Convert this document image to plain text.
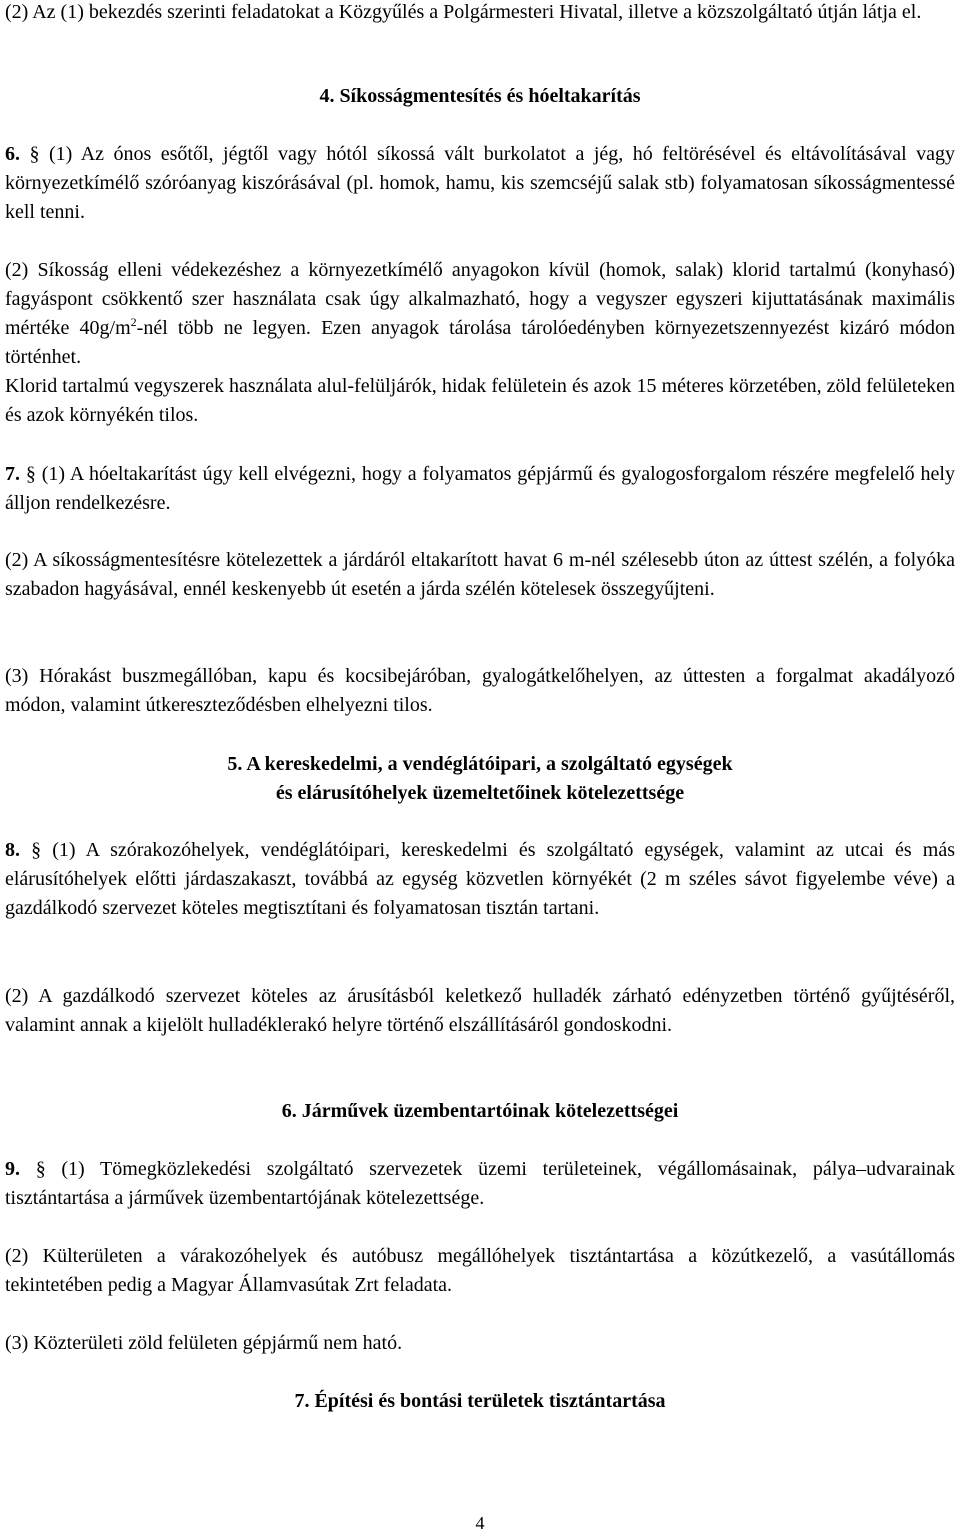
(2) Az (1) bekezdés szerinti feladatokat a Közgyűlés a Polgármesteri Hivatal, illetve a közszolgáltató útján látja el.

4. Síkosságmentesítés és hóeltakarítás

6. § (1) Az ónos esőtől, jégtől vagy hótól síkossá vált burkolatot a jég, hó feltörésével és eltávolításával vagy környezetkímélő szóróanyag kiszórásával (pl. homok, hamu, kis szemcséjű salak stb) folyamatosan síkosságmentessé kell tenni.

(2) Síkosság elleni védekezéshez a környezetkímélő anyagokon kívül (homok, salak) klorid tartalmú (konyhasó) fagyáspont csökkentő szer használata csak úgy alkalmazható, hogy a vegyszer egyszeri kijuttatásának maximális mértéke $40g/m^2$-nél több ne legyen. Ezen anyagok tárolása tárolóedényben környezetszennyezést kizáró módon történhet.

Klorid tartalmú vegyszerek használata alul-felüljárók, hidak felületein és azok 15 méteres körzetében, zöld felületeken és azok környékén tilos.

7. § (1) A hóeltakarítást úgy kell elvégezni, hogy a folyamatos gépjármű és gyalogosforgalom részére megfelelő hely álljon rendelkezésre.

(2) A síkosságmentesítésre kötelezettek a járdáról eltakarított havat 6 m-nél szélesebb úton az úttest szélén, a folyóka szabadon hagyásával, ennél keskenyebb út esetén a járda szélén kötelesek összegyűjteni.

(3) Hórakást buszmegállóban, kapu és kocsibejáróban, gyalogátkelőhelyen, az úttesten a forgalmat akadályozó módon, valamint útkereszteződésben elhelyezni tilos.

5. A kereskedelmi, a vendéglátóipari, a szolgáltató egységek

és elárusítóhelyek üzemeltetőinek kötelezettsége

8. § (1) A szórakozóhelyek, vendéglátóipari, kereskedelmi és szolgáltató egységek, valamint az utcai és más elárusítóhelyek előtti járdaszakaszt, továbbá az egység közvetlen környékét (2 m széles sávot figyelembe véve) a gazdálkodó szervezet köteles megtisztítani és folyamatosan tisztán tartani.

(2) A gazdálkodó szervezet köteles az árusításból keletkező hulladék zárható edényzetben történő gyűjtéséről, valamint annak a kijelölt hulladéklerakó helyre történő elszállításáról gondoskodni.

6. Járművek üzembentartóinak kötelezettségei

9. § (1) Tömegközlekedési szolgáltató szervezetek üzemi területeinek, végállomásainak, pálya–udvarainak tisztántartása a járművek üzembentartójának kötelezettsége.

(2) Külterületen a várakozóhelyek és autóbusz megállóhelyek tisztántartása a közútkezelő, a vasútállomás tekintetében pedig a Magyar Államvasútak Zrt feladata.

(3) Közterületi zöld felületen gépjármű nem ható.

7. Építési és bontási területek tisztántartása

4
